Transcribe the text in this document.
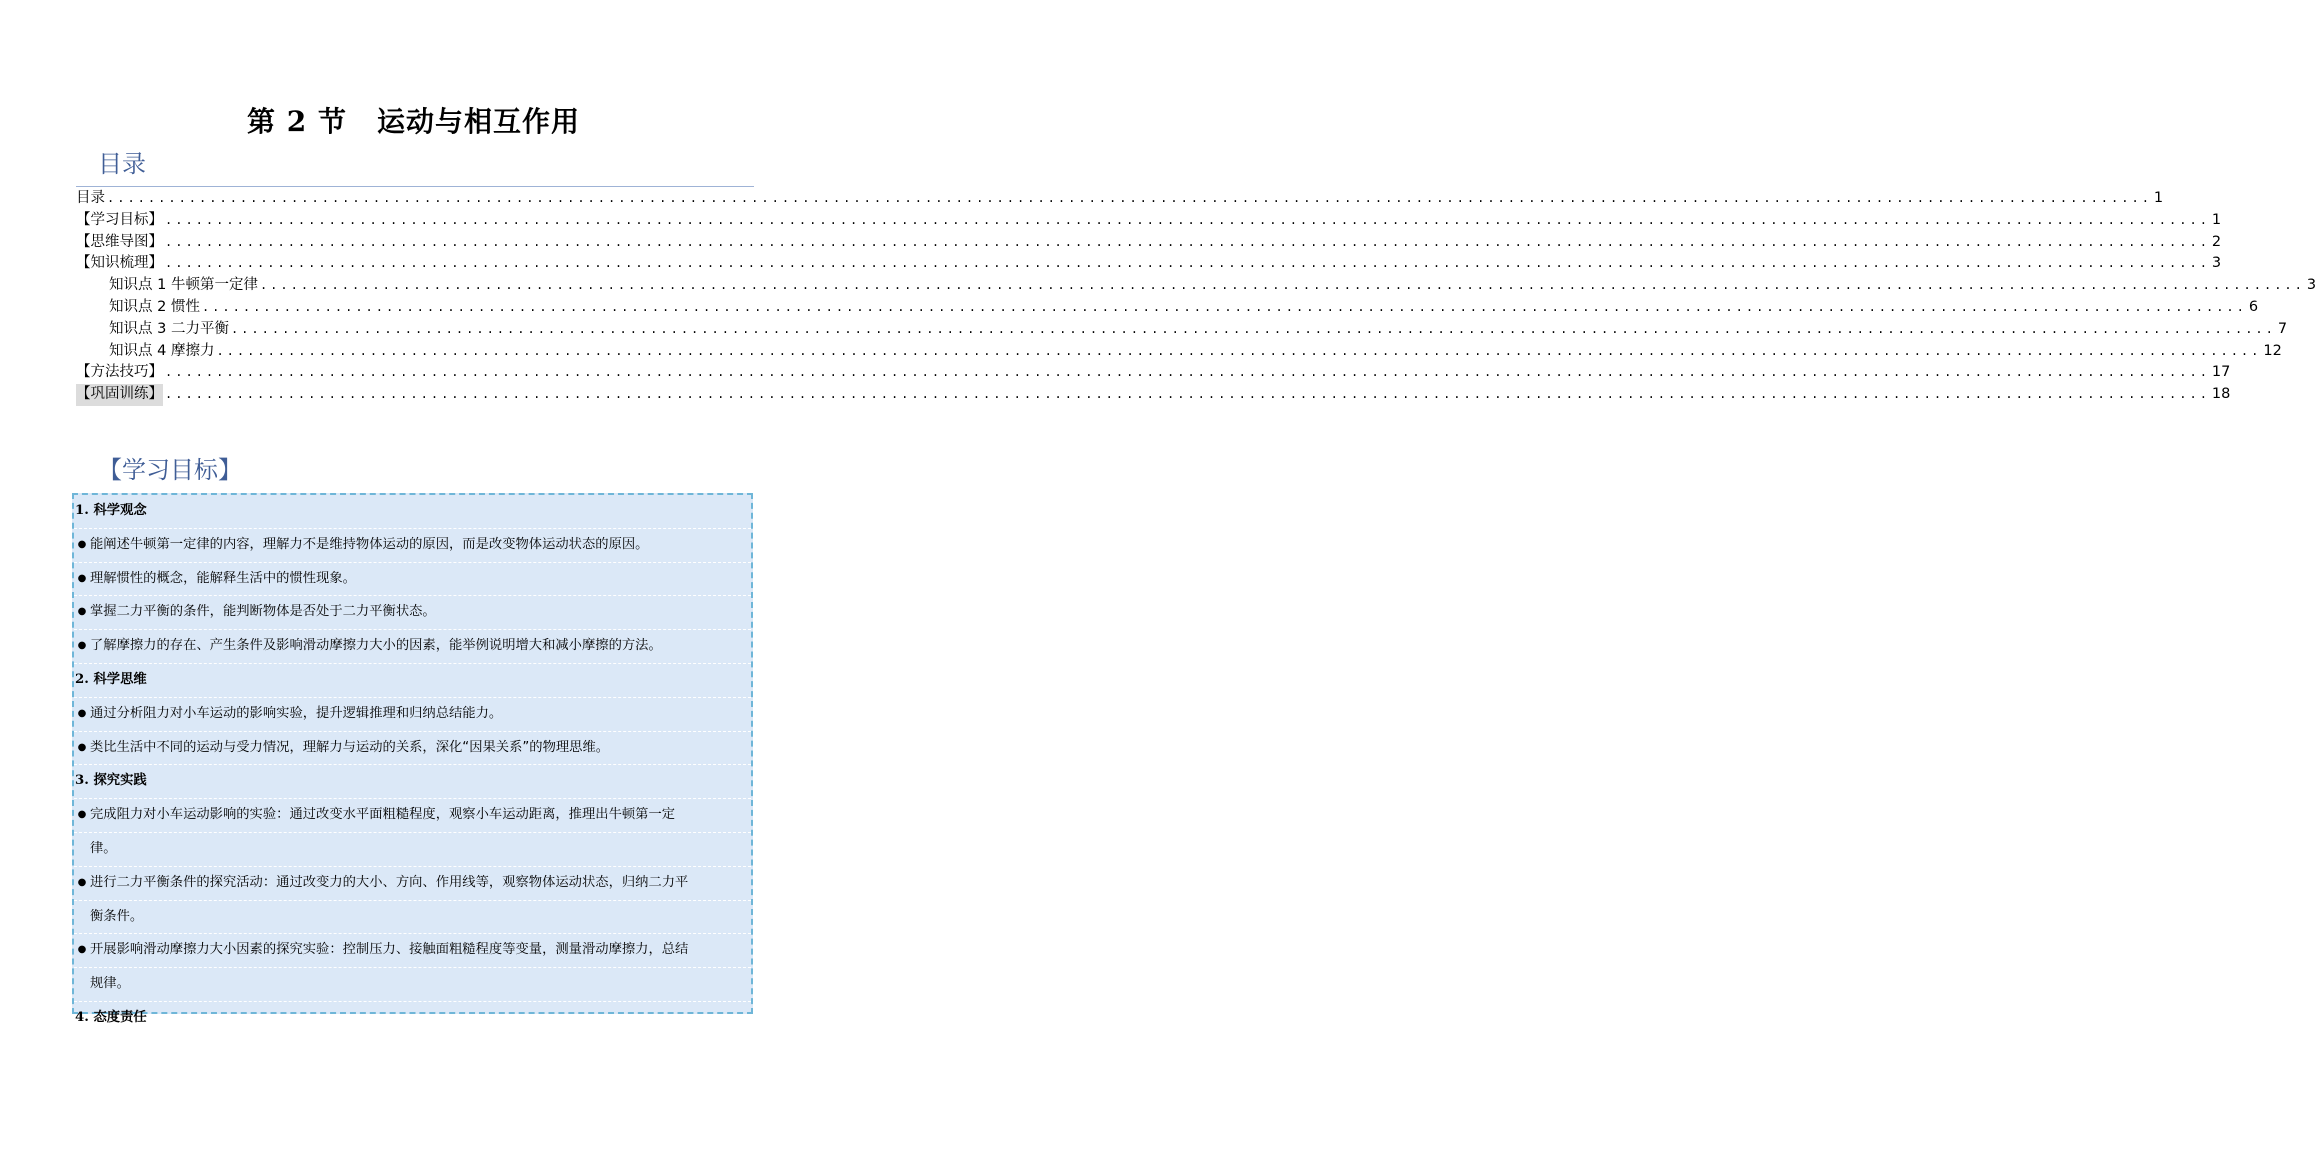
第 2 节 运动与相互作用
目录
目录 ........................................................................................................................................................................................................ 1
【学习目标】 ........................................................................................................................................................................................................ 1
【思维导图】 ........................................................................................................................................................................................................ 2
【知识梳理】 ........................................................................................................................................................................................................ 3
知识点 1 牛顿第一定律 ........................................................................................................................................................................................................ 3
知识点 2 惯性 ........................................................................................................................................................................................................ 6
知识点 3 二力平衡 ........................................................................................................................................................................................................ 7
知识点 4 摩擦力 ........................................................................................................................................................................................................ 12
【方法技巧】 ........................................................................................................................................................................................................ 17
【巩固训练】 ........................................................................................................................................................................................................ 18
【学习目标】
1. 科学观念
● 能阐述牛顿第一定律的内容，理解力不是维持物体运动的原因，而是改变物体运动状态的原因。
● 理解惯性的概念，能解释生活中的惯性现象。
● 掌握二力平衡的条件，能判断物体是否处于二力平衡状态。
● 了解摩擦力的存在、产生条件及影响滑动摩擦力大小的因素，能举例说明增大和减小摩擦的方法。
2. 科学思维
● 通过分析阻力对小车运动的影响实验，提升逻辑推理和归纳总结能力。
● 类比生活中不同的运动与受力情况，理解力与运动的关系，深化“因果关系”的物理思维。
3. 探究实践
● 完成阻力对小车运动影响的实验：通过改变水平面粗糙程度，观察小车运动距离，推理出牛顿第一定
律。
● 进行二力平衡条件的探究活动：通过改变力的大小、方向、作用线等，观察物体运动状态，归纳二力平
衡条件。
● 开展影响滑动摩擦力大小因素的探究实验：控制压力、接触面粗糙程度等变量，测量滑动摩擦力，总结
规律。
4. 态度责任
